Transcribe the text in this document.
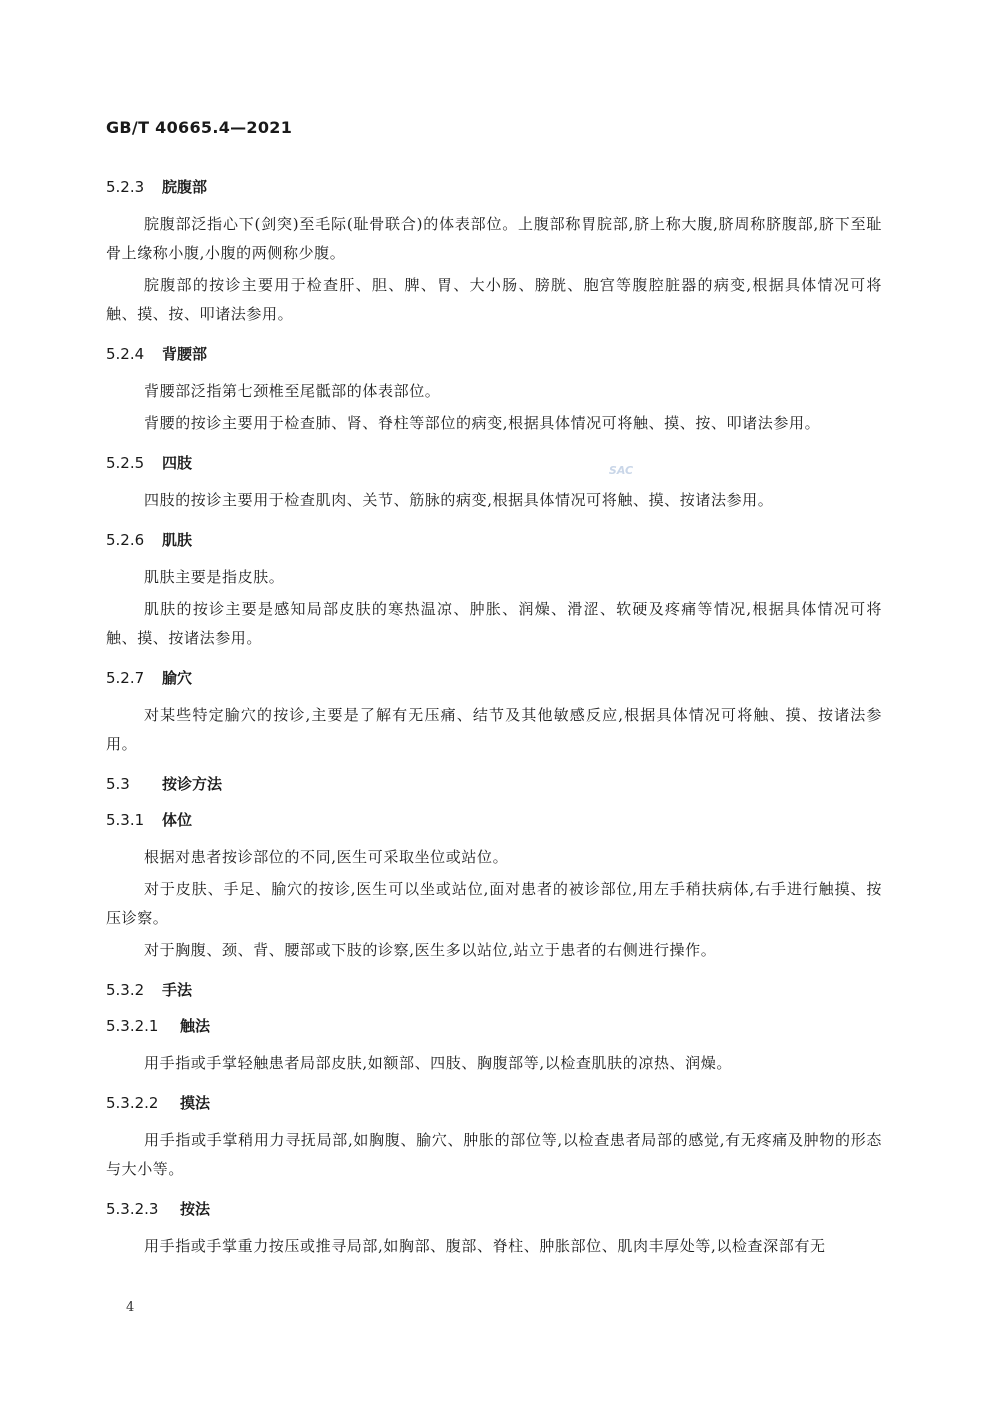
GB/T 40665.4—2021
SAC
5.2.3 脘腹部

脘腹部泛指心下(剑突)至毛际(耻骨联合)的体表部位。上腹部称胃脘部,脐上称大腹,脐周称脐腹部,脐下至耻骨上缘称小腹,小腹的两侧称少腹。

脘腹部的按诊主要用于检查肝、胆、脾、胃、大小肠、膀胱、胞宫等腹腔脏器的病变,根据具体情况可将触、摸、按、叩诸法参用。

5.2.4 背腰部

背腰部泛指第七颈椎至尾骶部的体表部位。

背腰的按诊主要用于检查肺、肾、脊柱等部位的病变,根据具体情况可将触、摸、按、叩诸法参用。

5.2.5 四肢

四肢的按诊主要用于检查肌肉、关节、筋脉的病变,根据具体情况可将触、摸、按诸法参用。

5.2.6 肌肤

肌肤主要是指皮肤。

肌肤的按诊主要是感知局部皮肤的寒热温凉、肿胀、润燥、滑涩、软硬及疼痛等情况,根据具体情况可将触、摸、按诸法参用。

5.2.7 腧穴

对某些特定腧穴的按诊,主要是了解有无压痛、结节及其他敏感反应,根据具体情况可将触、摸、按诸法参用。

5.3 按诊方法
5.3.1 体位

根据对患者按诊部位的不同,医生可采取坐位或站位。

对于皮肤、手足、腧穴的按诊,医生可以坐或站位,面对患者的被诊部位,用左手稍扶病体,右手进行触摸、按压诊察。

对于胸腹、颈、背、腰部或下肢的诊察,医生多以站位,站立于患者的右侧进行操作。

5.3.2 手法
5.3.2.1 触法

用手指或手掌轻触患者局部皮肤,如额部、四肢、胸腹部等,以检查肌肤的凉热、润燥。

5.3.2.2 摸法

用手指或手掌稍用力寻抚局部,如胸腹、腧穴、肿胀的部位等,以检查患者局部的感觉,有无疼痛及肿物的形态与大小等。

5.3.2.3 按法

用手指或手掌重力按压或推寻局部,如胸部、腹部、脊柱、肿胀部位、肌肉丰厚处等,以检查深部有无

4
